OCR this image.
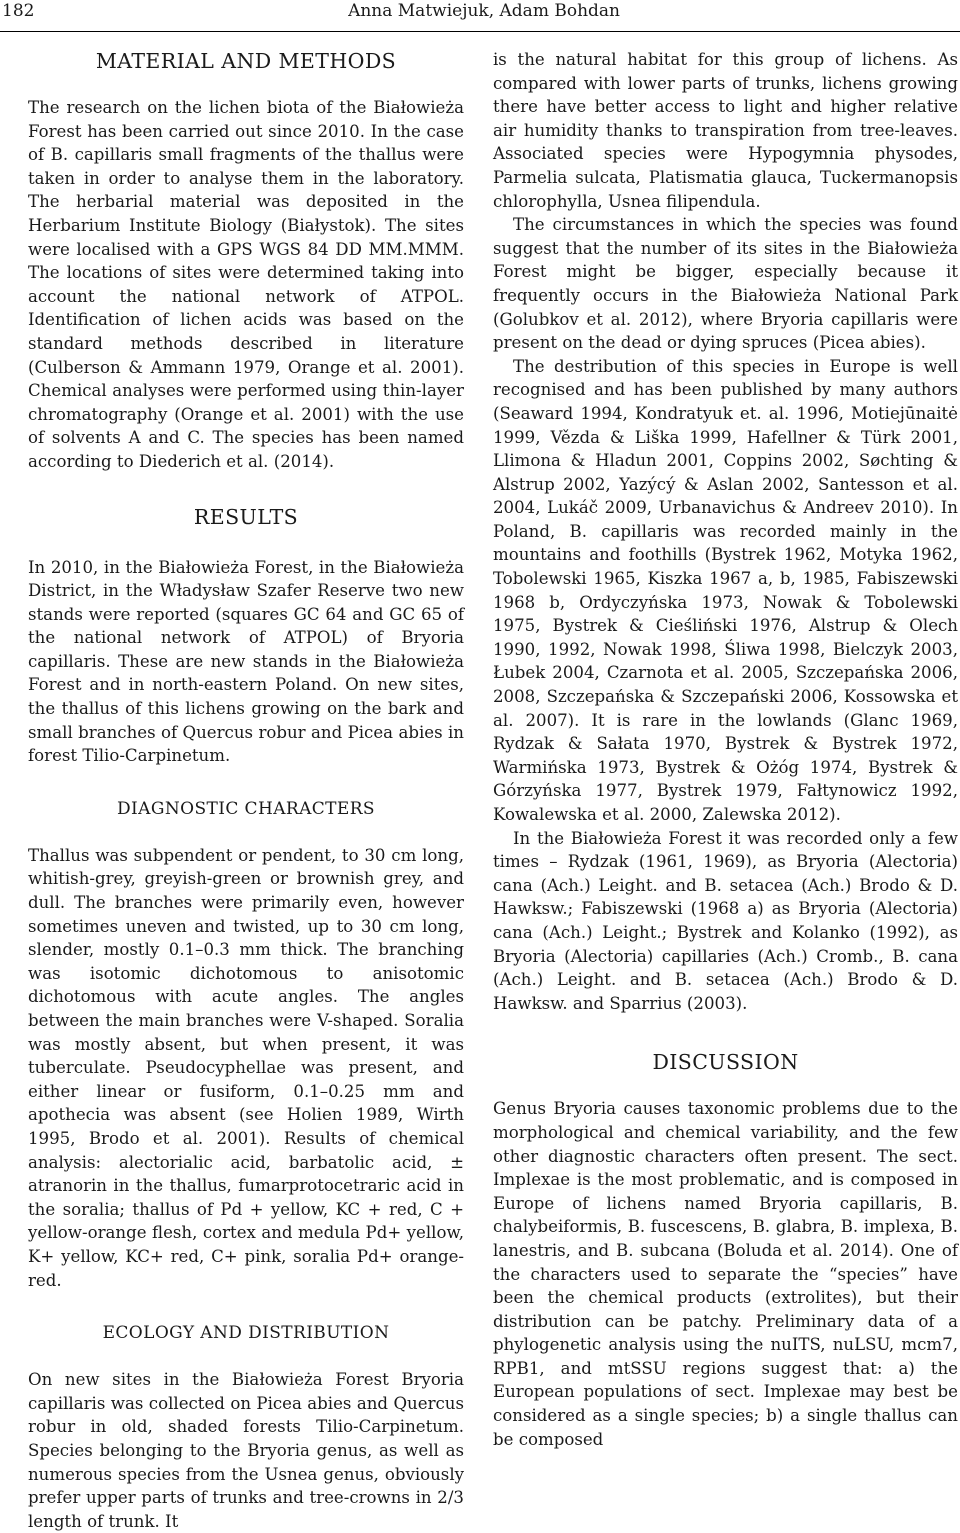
182	Anna Matwiejuk, Adam Bohdan
MATERIAL AND METHODS

The research on the lichen biota of the Białowieża Forest has been carried out since 2010. In the case of B. capillaris small fragments of the thallus were taken in order to analyse them in the laboratory. The herbarial material was deposited in the Herbarium Institute Biology (Białystok). The sites were localised with a GPS WGS 84 DD MM.MMM. The locations of sites were determined taking into account the national network of ATPOL. Identification of lichen acids was based on the standard methods described in literature (Culberson & Ammann 1979, Orange et al. 2001). Chemical analyses were performed using thin-layer chromatography (Orange et al. 2001) with the use of solvents A and C. The species has been named according to Diederich et al. (2014).

RESULTS

In 2010, in the Białowieża Forest, in the Białowieża District, in the Władysław Szafer Reserve two new stands were reported (squares GC 64 and GC 65 of the national network of ATPOL) of Bryoria capillaris. These are new stands in the Białowieża Forest and in north-eastern Poland. On new sites, the thallus of this lichens growing on the bark and small branches of Quercus robur and Picea abies in forest Tilio-Carpinetum.

DIAGNOSTIC CHARACTERS

Thallus was subpendent or pendent, to 30 cm long, whitish-grey, greyish-green or brownish grey, and dull. The branches were primarily even, however sometimes uneven and twisted, up to 30 cm long, slender, mostly 0.1–0.3 mm thick. The branching was isotomic dichotomous to anisotomic dichotomous with acute angles. The angles between the main branches were V-shaped. Soralia was mostly absent, but when present, it was tuberculate. Pseudocyphellae was present, and either linear or fusiform, 0.1–0.25 mm and apothecia was absent (see Holien 1989, Wirth 1995, Brodo et al. 2001). Results of chemical analysis: alectorialic acid, barbatolic acid, ± atranorin in the thallus, fumarprotocetraric acid in the soralia; thallus of Pd + yellow, KC + red, C + yellow-orange flesh, cortex and medula Pd+ yellow, K+ yellow, KC+ red, C+ pink, soralia Pd+ orange-red.

ECOLOGY AND DISTRIBUTION

On new sites in the Białowieża Forest Bryoria capillaris was collected on Picea abies and Quercus robur in old, shaded forests Tilio-Carpinetum. Species belonging to the Bryoria genus, as well as numerous species from the Usnea genus, obviously prefer upper parts of trunks and tree-crowns in 2/3 length of trunk. It

is the natural habitat for this group of lichens. As compared with lower parts of trunks, lichens growing there have better access to light and higher relative air humidity thanks to transpiration from tree-leaves. Associated species were Hypogymnia physodes, Parmelia sulcata, Platismatia glauca, Tuckermanopsis chlorophylla, Usnea filipendula.

The circumstances in which the species was found suggest that the number of its sites in the Białowieża Forest might be bigger, especially because it frequently occurs in the Białowieża National Park (Golubkov et al. 2012), where Bryoria capillaris were present on the dead or dying spruces (Picea abies).

The destribution of this species in Europe is well recognised and has been published by many authors (Seaward 1994, Kondratyuk et. al. 1996, Motiejūnaitė 1999, Vězda & Liška 1999, Hafellner & Türk 2001, Llimona & Hladun 2001, Coppins 2002, Søchting & Alstrup 2002, Yazýcý & Aslan 2002, Santesson et al. 2004, Lukáč 2009, Urbanavichus & Andreev 2010). In Poland, B. capillaris was recorded mainly in the mountains and foothills (Bystrek 1962, Motyka 1962, Tobolewski 1965, Kiszka 1967 a, b, 1985, Fabiszewski 1968 b, Ordyczyńska 1973, Nowak & Tobolewski 1975, Bystrek & Cieśliński 1976, Alstrup & Olech 1990, 1992, Nowak 1998, Śliwa 1998, Bielczyk 2003, Łubek 2004, Czarnota et al. 2005, Szczepańska 2006, 2008, Szczepańska & Szczepański 2006, Kossowska et al. 2007). It is rare in the lowlands (Glanc 1969, Rydzak & Sałata 1970, Bystrek & Bystrek 1972, Warmińska 1973, Bystrek & Ożóg 1974, Bystrek & Górzyńska 1977, Bystrek 1979, Fałtynowicz 1992, Kowalewska et al. 2000, Zalewska 2012).

In the Białowieża Forest it was recorded only a few times – Rydzak (1961, 1969), as Bryoria (Alectoria) cana (Ach.) Leight. and B. setacea (Ach.) Brodo & D. Hawksw.; Fabiszewski (1968 a) as Bryoria (Alectoria) cana (Ach.) Leight.; Bystrek and Kolanko (1992), as Bryoria (Alectoria) capillaries (Ach.) Cromb., B. cana (Ach.) Leight. and B. setacea (Ach.) Brodo & D. Hawksw. and Sparrius (2003).

DISCUSSION

Genus Bryoria causes taxonomic problems due to the morphological and chemical variability, and the few other diagnostic characters often present. The sect. Implexae is the most problematic, and is composed in Europe of lichens named Bryoria capillaris, B. chalybeiformis, B. fuscescens, B. glabra, B. implexa, B. lanestris, and B. subcana (Boluda et al. 2014). One of the characters used to separate the “species” have been the chemical products (extrolites), but their distribution can be patchy. Preliminary data of a phylogenetic analysis using the nuITS, nuLSU, mcm7, RPB1, and mtSSU regions suggest that: a) the European populations of sect. Implexae may best be considered as a single species; b) a single thallus can be composed
